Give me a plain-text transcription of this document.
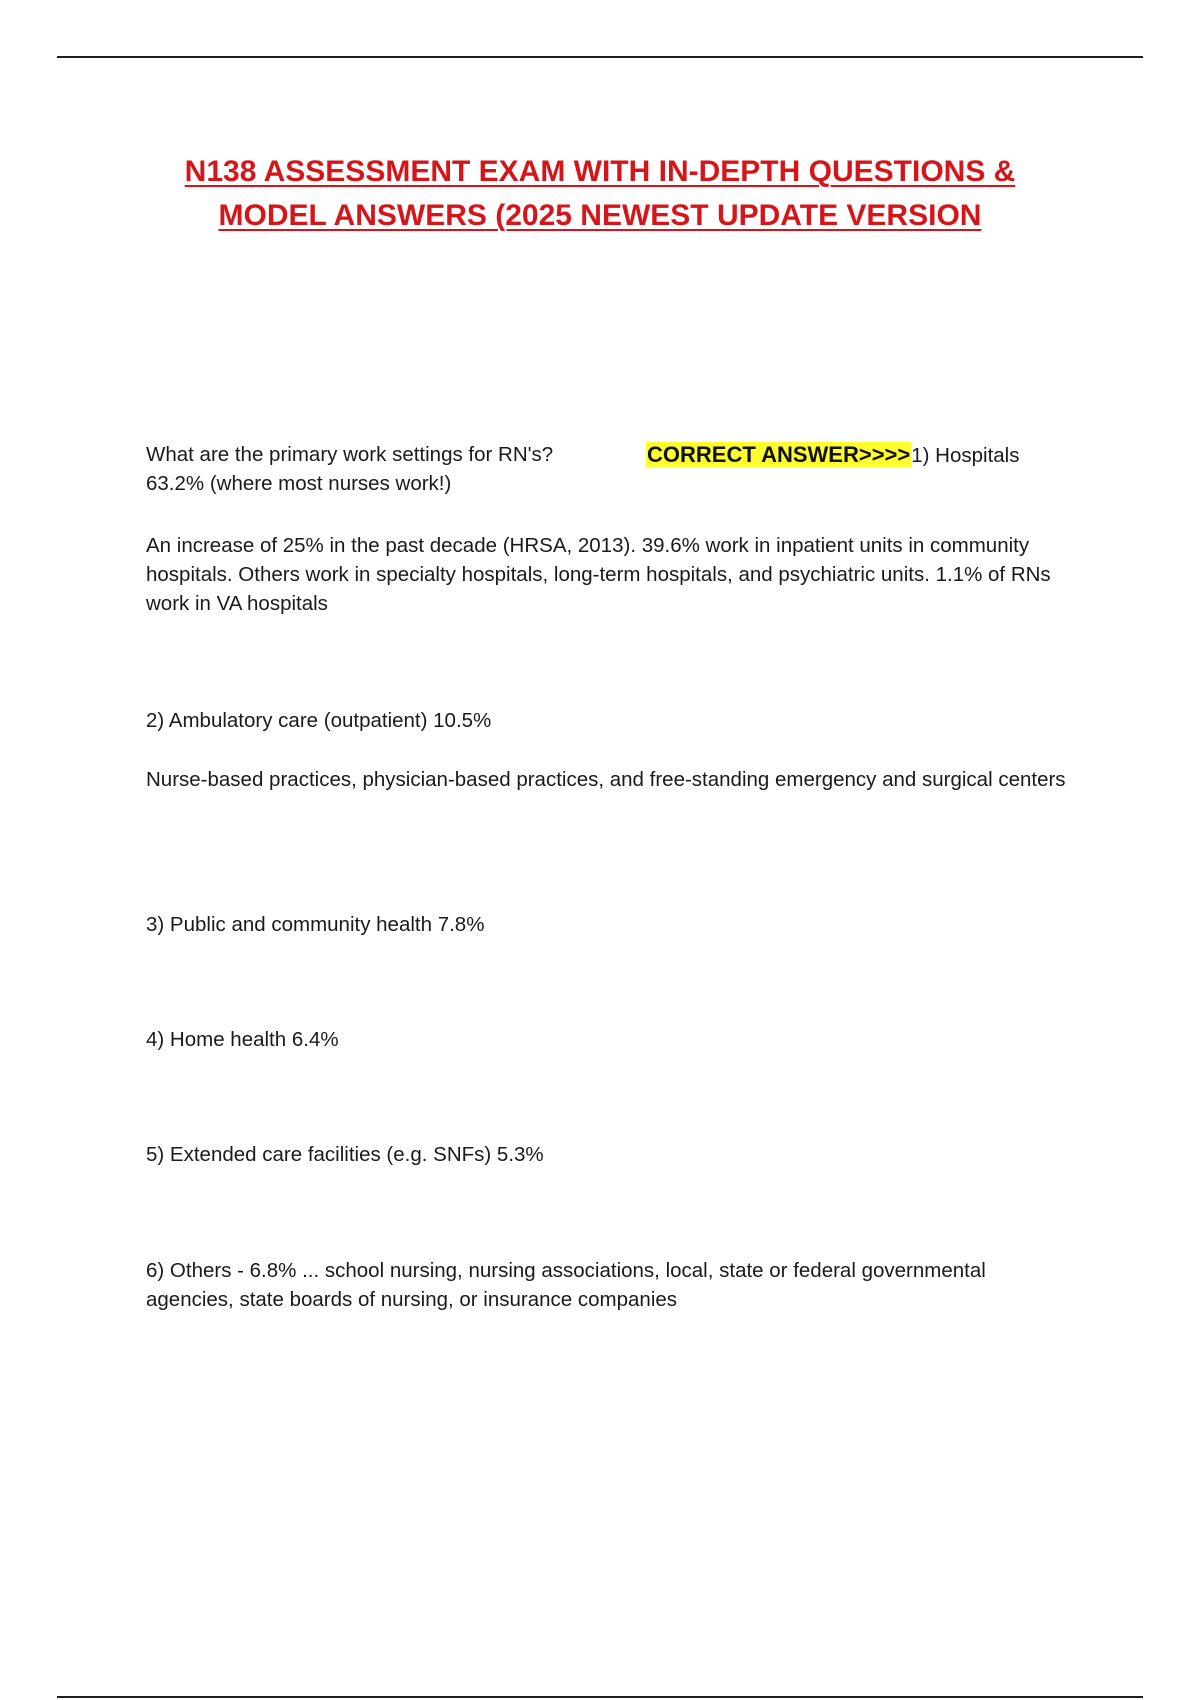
N138 ASSESSMENT EXAM WITH IN-DEPTH QUESTIONS &
MODEL ANSWERS (2025 NEWEST UPDATE VERSION
What are the primary work settings for RN's?	CORRECT ANSWER>>>>1) Hospitals
63.2% (where most nurses work!)
An increase of 25% in the past decade (HRSA, 2013). 39.6% work in inpatient units in community hospitals. Others work in specialty hospitals, long-term hospitals, and psychiatric units. 1.1% of RNs work in VA hospitals
2) Ambulatory care (outpatient) 10.5%
Nurse-based practices, physician-based practices, and free-standing emergency and surgical centers
3) Public and community health 7.8%
4) Home health 6.4%
5) Extended care facilities (e.g. SNFs) 5.3%
6) Others - 6.8% ... school nursing, nursing associations, local, state or federal governmental agencies, state boards of nursing, or insurance companies
